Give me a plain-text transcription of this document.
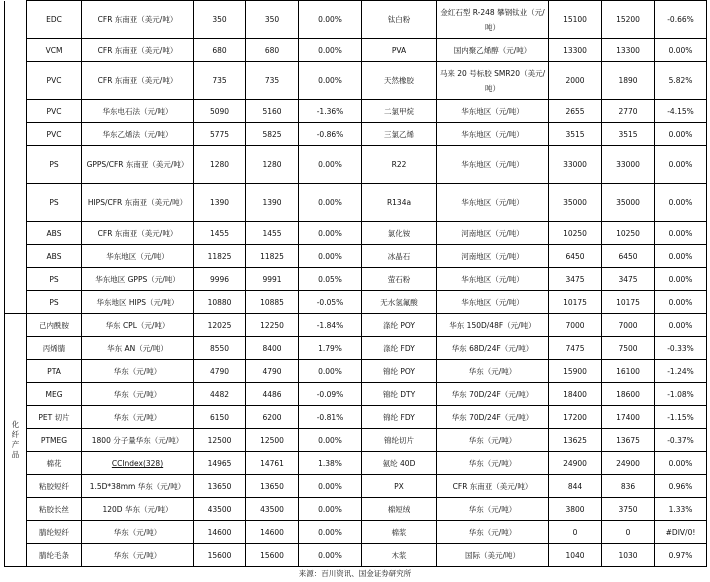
	EDC	CFR 东南亚（美元/吨）	350	350	0.00%	钛白粉	金红石型 R-248 攀钢钛业（元/吨）	15100	15200	-0.66%
	VCM	CFR 东南亚（美元/吨）	680	680	0.00%	PVA	国内聚乙烯醇（元/吨）	13300	13300	0.00%
	PVC	CFR 东南亚（美元/吨）	735	735	0.00%	天然橡胶	马来 20 号标胶 SMR20（美元/吨）	2000	1890	5.82%
	PVC	华东电石法（元/吨）	5090	5160	-1.36%	二氯甲烷	华东地区（元/吨）	2655	2770	-4.15%
	PVC	华东乙烯法（元/吨）	5775	5825	-0.86%	三氯乙烯	华东地区（元/吨）	3515	3515	0.00%
	PS	GPPS/CFR 东南亚（美元/吨）	1280	1280	0.00%	R22	华东地区（元/吨）	33000	33000	0.00%
	PS	HIPS/CFR 东南亚（美元/吨）	1390	1390	0.00%	R134a	华东地区（元/吨）	35000	35000	0.00%
	ABS	CFR 东南亚（美元/吨）	1455	1455	0.00%	氯化铵	河南地区（元/吨）	10250	10250	0.00%
	ABS	华东地区（元/吨）	11825	11825	0.00%	冰晶石	河南地区（元/吨）	6450	6450	0.00%
	PS	华东地区 GPPS（元/吨）	9996	9991	0.05%	萤石粉	华东地区（元/吨）	3475	3475	0.00%
	PS	华东地区 HIPS（元/吨）	10880	10885	-0.05%	无水氢氟酸	华东地区（元/吨）	10175	10175	0.00%
化
纤
产
品	己内酰胺	华东 CPL（元/吨）	12025	12250	-1.84%	涤纶 POY	华东 150D/48F（元/吨）	7000	7000	0.00%
	丙烯腈	华东 AN（元/吨）	8550	8400	1.79%	涤纶 FDY	华东 68D/24F（元/吨）	7475	7500	-0.33%
	PTA	华东（元/吨）	4790	4790	0.00%	锦纶 POY	华东（元/吨）	15900	16100	-1.24%
	MEG	华东（元/吨）	4482	4486	-0.09%	锦纶 DTY	华东 70D/24F（元/吨）	18400	18600	-1.08%
	PET 切片	华东（元/吨）	6150	6200	-0.81%	锦纶 FDY	华东 70D/24F（元/吨）	17200	17400	-1.15%
	PTMEG	1800 分子量华东（元/吨）	12500	12500	0.00%	锦纶切片	华东（元/吨）	13625	13675	-0.37%
	棉花	CCIndex(328)	14965	14761	1.38%	氨纶 40D	华东（元/吨）	24900	24900	0.00%
	粘胶短纤	1.5D*38mm 华东（元/吨）	13650	13650	0.00%	PX	CFR 东南亚（美元/吨）	844	836	0.96%
	粘胶长丝	120D 华东（元/吨）	43500	43500	0.00%	棉短绒	华东（元/吨）	3800	3750	1.33%
	腈纶短纤	华东（元/吨）	14600	14600	0.00%	棉浆	华东（元/吨）	0	0	#DIV/0!
	腈纶毛条	华东（元/吨）	15600	15600	0.00%	木浆	国际（美元/吨）	1040	1030	0.97%
来源：百川资讯、国金证券研究所
